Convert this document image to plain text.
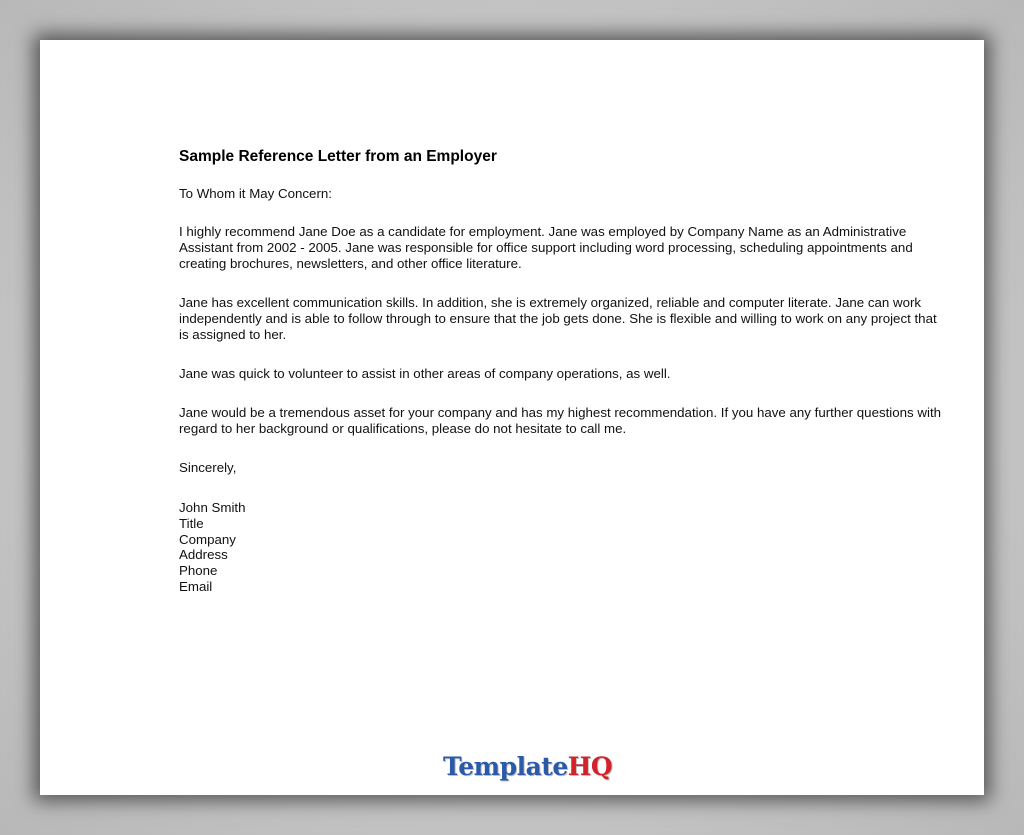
Sample Reference Letter from an Employer
To Whom it May Concern:
I highly recommend Jane Doe as a candidate for employment. Jane was employed by Company Name as an Administrative Assistant from 2002 - 2005. Jane was responsible for office support including word processing, scheduling appointments and creating brochures, newsletters, and other office literature.
Jane has excellent communication skills. In addition, she is extremely organized, reliable and computer literate. Jane can work independently and is able to follow through to ensure that the job gets done. She is flexible and willing to work on any project that is assigned to her.
Jane was quick to volunteer to assist in other areas of company operations, as well.
Jane would be a tremendous asset for your company and has my highest recommendation. If you have any further questions with regard to her background or qualifications, please do not hesitate to call me.
Sincerely,
John Smith
Title
Company
Address
Phone
Email
TemplateHQ
